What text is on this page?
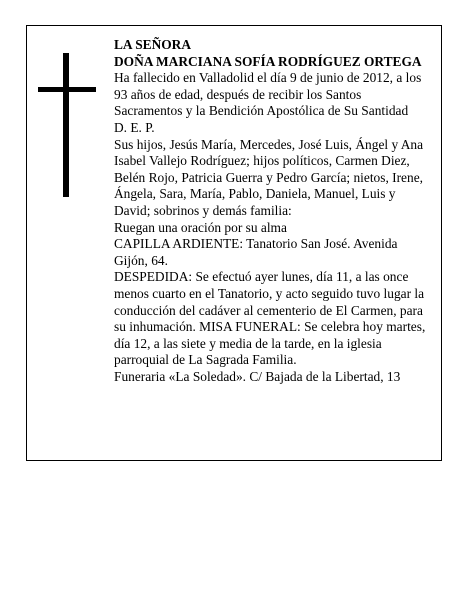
LA SEÑORA

DOÑA MARCIANA SOFÍA RODRÍGUEZ ORTEGA

Ha fallecido en Valladolid el día 9 de junio de 2012, a los 93 años de edad, después de recibir los Santos Sacramentos y la Bendición Apostólica de Su Santidad

D. E. P.

Sus hijos, Jesús María, Mercedes, José Luis, Ángel y Ana Isabel Vallejo Rodríguez; hijos políticos, Carmen Diez, Belén Rojo, Patricia Guerra y Pedro García; nietos, Irene, Ángela, Sara, María, Pablo, Daniela, Manuel, Luis y David; sobrinos y demás familia:

Ruegan una oración por su alma

CAPILLA ARDIENTE: Tanatorio San José. Avenida Gijón, 64.

DESPEDIDA: Se efectuó ayer lunes, día 11, a las once menos cuarto en el Tanatorio, y acto seguido tuvo lugar la conducción del cadáver al cementerio de El Carmen, para su inhumación. MISA FUNERAL: Se celebra hoy martes, día 12, a las siete y media de la tarde, en la iglesia parroquial de La Sagrada Familia.

Funeraria «La Soledad». C/ Bajada de la Libertad, 13
